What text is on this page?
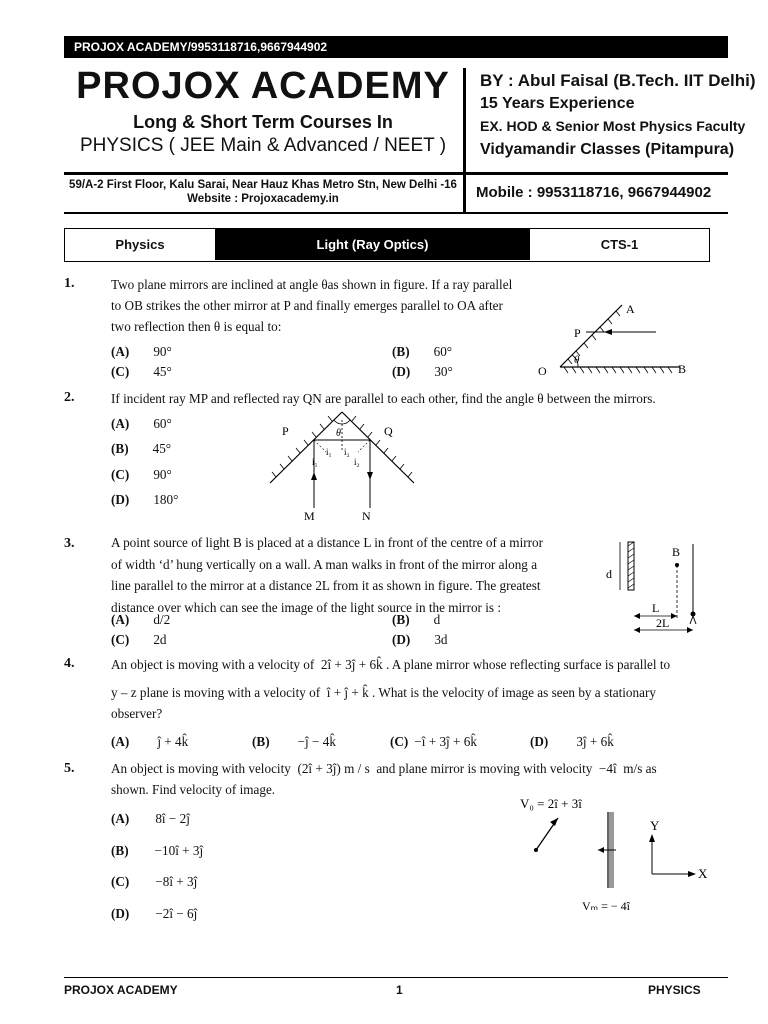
PROJOX ACADEMY/9953118716,9667944902
PROJOX ACADEMY
Long & Short Term Courses In
PHYSICS ( JEE Main & Advanced / NEET )
BY : Abul Faisal (B.Tech. IIT Delhi)
15 Years Experience
EX. HOD & Senior Most Physics Faculty
Vidyamandir Classes (Pitampura)
59/A-2 First Floor, Kalu Sarai, Near Hauz Khas Metro Stn, New Delhi -16
Website : Projoxacademy.in	Mobile : 9953118716, 9667944902
Physics	Light (Ray Optics)	CTS-1
1.	Two plane mirrors are inclined at angle θas shown in figure. If a ray parallel
to OB strikes the other mirror at P and finally emerges parallel to OA after
two reflection then θ is equal to:
(A) 90°	(B) 60°
(C) 45°	(D) 30°
A
P
O	B
θ
2.	If incident ray MP and reflected ray QN are parallel to each other, find the angle θ between the mirrors.
(A) 60°
(B) 45°
(C) 90°
(D) 180°
P	Q
θ
i₁
i₁
i₂
i₂
M	N
3.	A point source of light B is placed at a distance L in front of the centre of a mirror
of width ‘d’ hung vertically on a wall. A man walks in front of the mirror along a
line parallel to the mirror at a distance 2L from it as shown in figure. The greatest
distance over which can see the image of the light source in the mirror is :
(A) d/2	(B) d
(C) 2d	(D) 3d
d
B
L
2L
4.	An object is moving with a velocity of 2î + 3ĵ + 6k̂ . A plane mirror whose reflecting surface is parallel to
y – z plane is moving with a velocity of î + ĵ + k̂ . What is the velocity of image as seen by a stationary
observer?
(A) ĵ + 4k̂	(B) −ĵ − 4k̂	(C) −î + 3ĵ + 6k̂	(D) 3ĵ + 6k̂
5.	An object is moving with velocity (2î + 3ĵ) m / s and plane mirror is moving with velocity −4î m/s as
shown. Find velocity of image.
(A) 8î − 2ĵ
(B) −10î + 3ĵ
(C) −8î + 3ĵ
(D) −2î − 6ĵ
V₀ = 2î + 3î
Y
X
Vₘ = − 4î
PROJOX ACADEMY	1	PHYSICS
